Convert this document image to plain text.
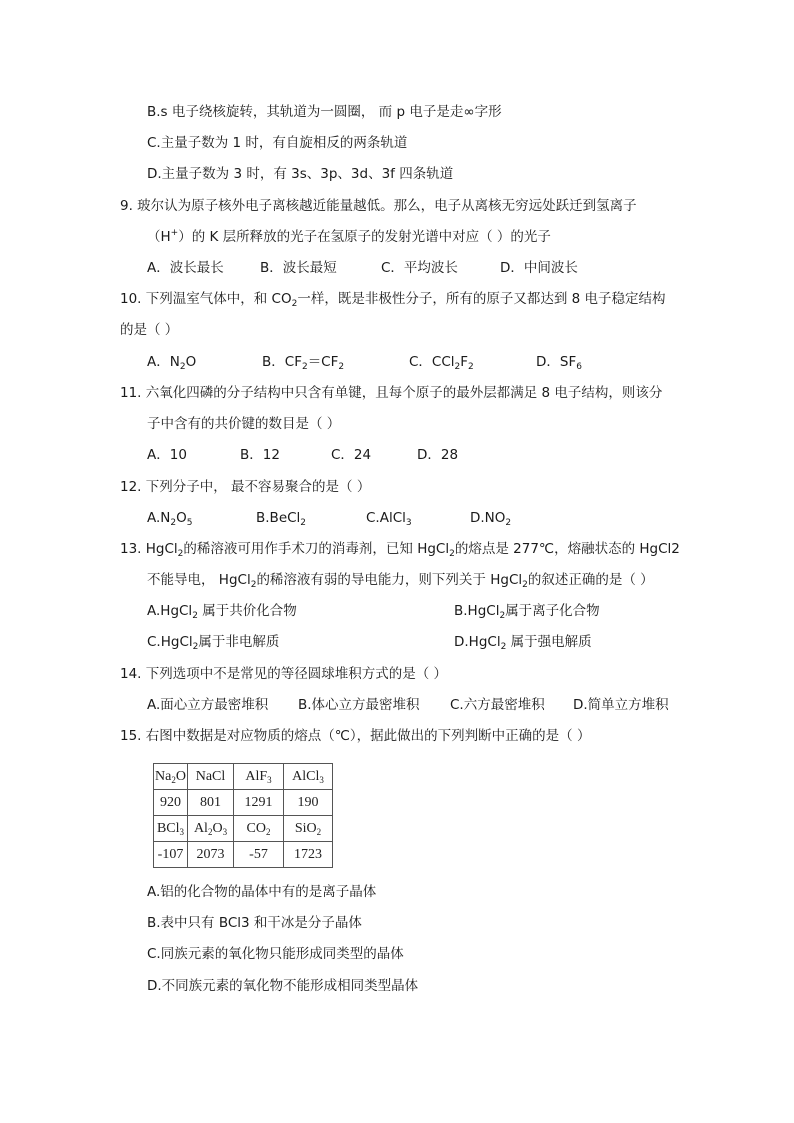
B.s 电子绕核旋转，其轨道为一圆圈， 而 p 电子是走∞字形
C.主量子数为 1 时，有自旋相反的两条轨道
D.主量子数为 3 时，有 3s、3p、3d、3f 四条轨道
9. 玻尔认为原子核外电子离核越近能量越低。那么，电子从离核无穷远处跃迁到氢离子
（H+）的 K 层所释放的光子在氢原子的发射光谱中对应（ ）的光子
A．波长最长	B．波长最短	C．平均波长	D．中间波长
10. 下列温室气体中，和 $CO_2$一样，既是非极性分子，所有的原子又都达到 8 电子稳定结构
的是（ ）
A．$N_2O$	B．$CF_2=CF_2$	C．$CCl_2F_2$	D．$SF_6$
11. 六氧化四磷的分子结构中只含有单键，且每个原子的最外层都满足 8 电子结构，则该分
子中含有的共价键的数目是（ ）
A．10	B．12	C．24	D．28
12. 下列分子中， 最不容易聚合的是（ ）
$A.N_2O_5$	B.BeCl$_2$	C.AlCl$_3$	$D.NO_2$
13. HgCl$_2$的稀溶液可用作手术刀的消毒剂，已知 HgCl$_2$的熔点是 277℃，熔融状态的 HgCl2
不能导电， HgCl$_2$的稀溶液有弱的导电能力，则下列关于 HgCl$_2$的叙述正确的是（ ）
A.HgCl$_2$ 属于共价化合物	B.HgCl$_2$属于离子化合物
C.HgCl$_2$属于非电解质	D.HgCl$_2$ 属于强电解质
14. 下列选项中不是常见的等径圆球堆积方式的是（ ）
A.面心立方最密堆积 B.体心立方最密堆积 C.六方最密堆积 D.简单立方堆积
15. 右图中数据是对应物质的熔点（℃），据此做出的下列判断中正确的是（ ）
$Na_2O$	NaCl	AlF$_3$	AlCl$_3$
920	801	1291	190
BCl$_3$	$Al_2O_3$	$CO_2$	SiO$_2$
-107	2073	-57	1723
A.铝的化合物的晶体中有的是离子晶体
B.表中只有 BCl3 和干冰是分子晶体
C.同族元素的氧化物只能形成同类型的晶体
D.不同族元素的氧化物不能形成相同类型晶体
